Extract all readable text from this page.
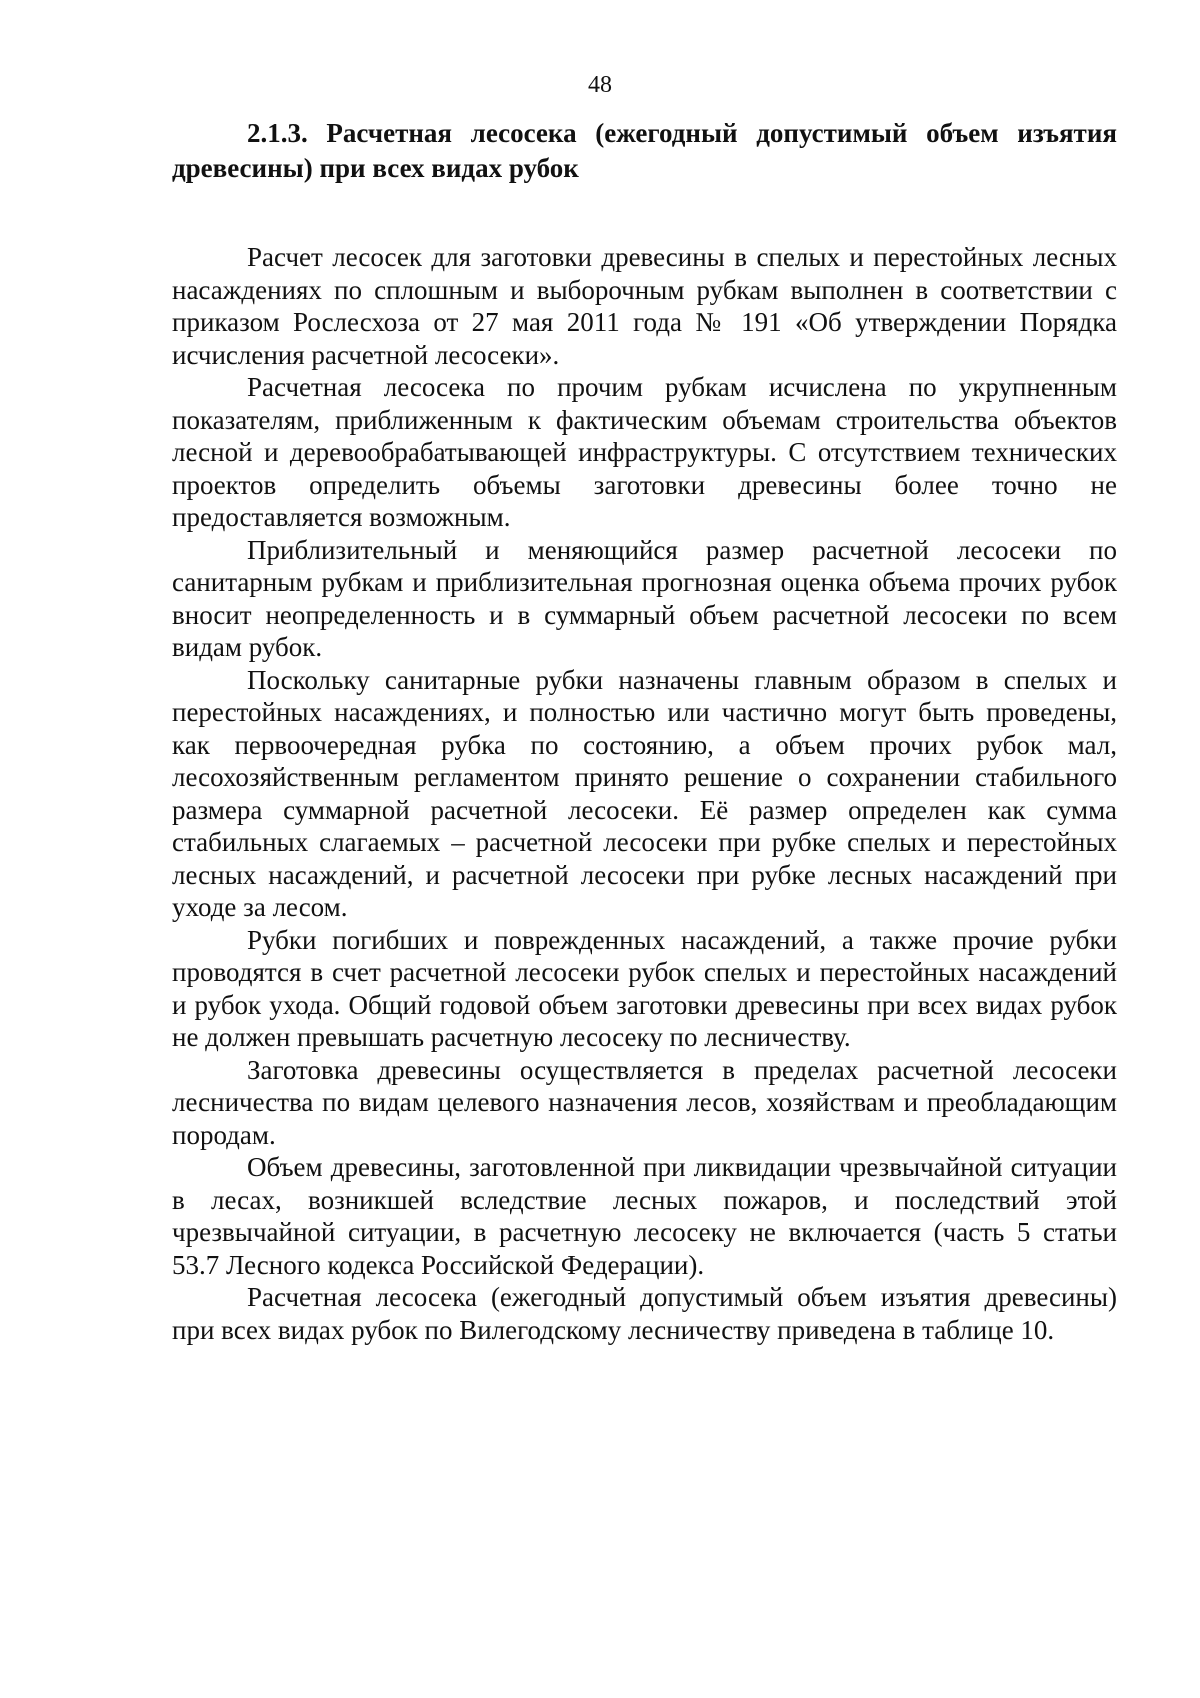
48
2.1.3. Расчетная лесосека (ежегодный допустимый объем изъятия древесины) при всех видах рубок

Расчет лесосек для заготовки древесины в спелых и перестойных лесных насаждениях по сплошным и выборочным рубкам выполнен в соответствии с приказом Рослесхоза от 27 мая 2011 года № 191 «Об утверждении Порядка исчисления расчетной лесосеки».

Расчетная лесосека по прочим рубкам исчислена по укрупненным показателям, приближенным к фактическим объемам строительства объектов лесной и деревообрабатывающей инфраструктуры. С отсутствием технических проектов определить объемы заготовки древесины более точно не предоставляется возможным.

Приблизительный и меняющийся размер расчетной лесосеки по санитарным рубкам и приблизительная прогнозная оценка объема прочих рубок вносит неопределенность и в суммарный объем расчетной лесосеки по всем видам рубок.

Поскольку санитарные рубки назначены главным образом в спелых и перестойных насаждениях, и полностью или частично могут быть проведены, как первоочередная рубка по состоянию, а объем прочих рубок мал, лесохозяйственным регламентом принято решение о сохранении стабильного размера суммарной расчетной лесосеки. Её размер определен как сумма стабильных слагаемых – расчетной лесосеки при рубке спелых и перестойных лесных насаждений, и расчетной лесосеки при рубке лесных насаждений при уходе за лесом.

Рубки погибших и поврежденных насаждений, а также прочие рубки проводятся в счет расчетной лесосеки рубок спелых и перестойных насаждений и рубок ухода. Общий годовой объем заготовки древесины при всех видах рубок не должен превышать расчетную лесосеку по лесничеству.

Заготовка древесины осуществляется в пределах расчетной лесосеки лесничества по видам целевого назначения лесов, хозяйствам и преобладающим породам.

Объем древесины, заготовленной при ликвидации чрезвычайной ситуации в лесах, возникшей вследствие лесных пожаров, и последствий этой чрезвычайной ситуации, в расчетную лесосеку не включается (часть 5 статьи 53.7 Лесного кодекса Российской Федерации).

Расчетная лесосека (ежегодный допустимый объем изъятия древесины) при всех видах рубок по Вилегодскому лесничеству приведена в таблице 10.
